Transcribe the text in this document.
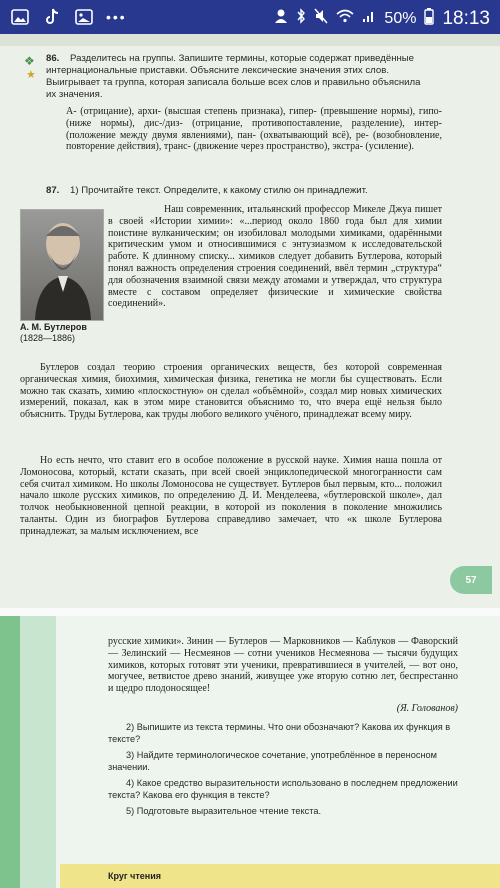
•••	50% 18:13
❖
★
86. Разделитесь на группы. Запишите термины, которые содержат приведённые интернациональные приставки. Объясните лексические значения этих слов. Выигрывает та группа, которая записала больше всех слов и правильно объяснила их значения.
А- (отрицание), архи- (высшая степень признака), гипер- (превышение нормы), гипо- (ниже нормы), дис-/диз- (отрицание, противопоставление, разделение), интер- (положение между двумя явлениями), пан- (охватывающий всё), ре- (возобновление, повторение действия), транс- (движение через пространство), экстра- (усиление).
87. 1) Прочитайте текст. Определите, к какому стилю он принадлежит.
А. М. Бутлеров
(1828—1886)
Наш современник, итальянский профессор Микеле Джуа пишет в своей «Истории химии»: «...период около 1860 года был для химии поистине вулканическим; он изобиловал молодыми химиками, одарёнными критическим умом и относившимися с энтузиазмом к исследовательской работе. К длинному списку... химиков следует добавить Бутлерова, который понял важность определения строения соединений, ввёл термин „структура“ для обозначения взаимной связи между атомами и утверждал, что структура вместе с составом определяет физические и химические свойства соединений».
Бутлеров создал теорию строения органических веществ, без которой современная органическая химия, биохимия, химическая физика, генетика не могли бы существовать. Если можно так сказать, химию «плоскостную» он сделал «объёмной», создал мир новых химических измерений, показал, как в этом мире становится объяснимо то, что вчера ещё нельзя было объяснить. Труды Бутлерова, как труды любого великого учёного, принадлежат всему миру.
Но есть нечто, что ставит его в особое положение в русской науке. Химия наша пошла от Ломоносова, который, кстати сказать, при всей своей энциклопедической многогранности сам себя считал химиком. Но школы Ломоносова не существует. Бутлеров был первым, кто... положил начало школе русских химиков, по определению Д. И. Менделеева, «бутлеровской школе», дал толчок необыкновенной цепной реакции, в которой из поколения в поколение множились таланты. Один из биографов Бутлерова справедливо замечает, что «к школе Бутлерова принадлежат, за малым исключением, все
57
русские химики». Зинин — Бутлеров — Марковников — Каблуков — Фаворский — Зелинский — Несмеянов — сотни учеников Несмеянова — тысячи будущих химиков, которых готовят эти ученики, превратившиеся в учителей, — вот оно, могучее, ветвистое древо знаний, живущее уже вторую сотню лет, беспрестанно и щедро плодоносящее!
(Я. Голованов)
2) Выпишите из текста термины. Что они обозначают? Какова их функция в тексте?
3) Найдите терминологическое сочетание, употреблённое в переносном значении.
4) Какое средство выразительности использовано в последнем предложении текста? Какова его функция в тексте?
5) Подготовьте выразительное чтение текста.
Круг чтения
